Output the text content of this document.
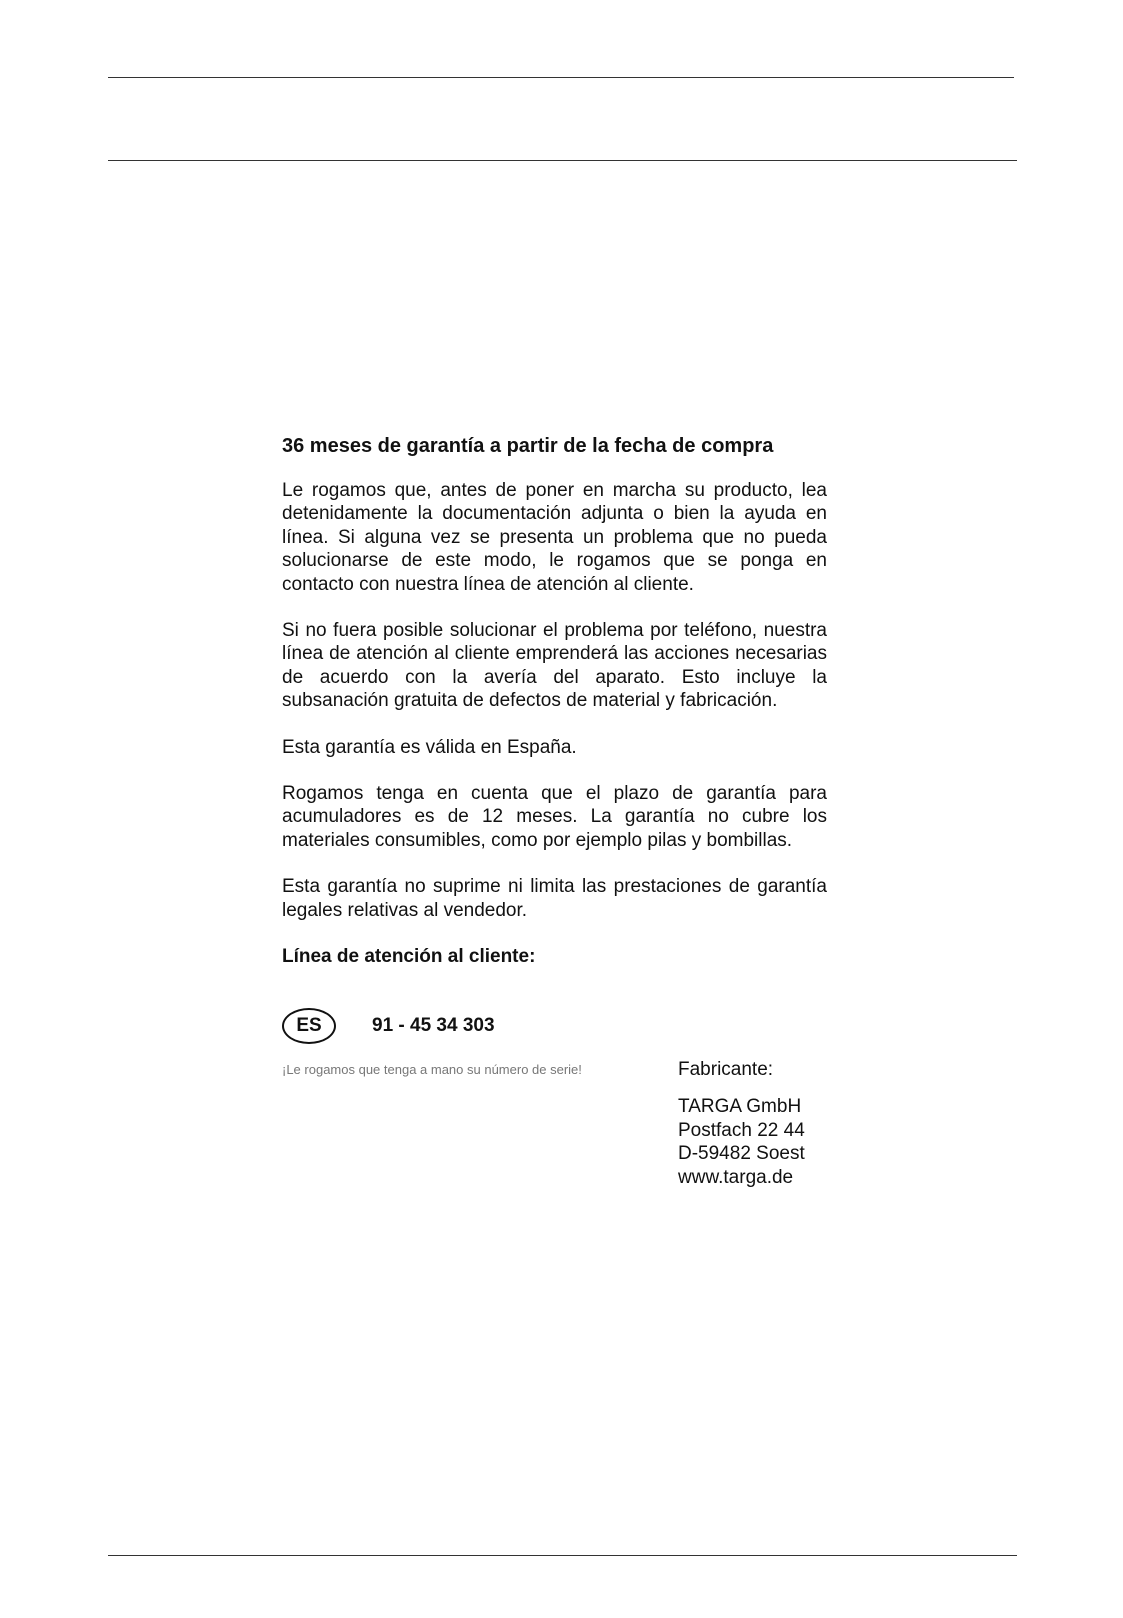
36 meses de garantía a partir de la fecha de compra

Le rogamos que, antes de poner en marcha su producto, lea detenidamente la documentación adjunta o bien la ayuda en línea. Si alguna vez se presenta un problema que no pueda solucionarse de este modo, le rogamos que se ponga en contacto con nuestra línea de atención al cliente.

Si no fuera posible solucionar el problema por teléfono, nuestra línea de atención al cliente emprenderá las acciones necesarias de acuerdo con la avería del aparato. Esto incluye la subsanación gratuita de defectos de material y fabricación.

Esta garantía es válida en España.

Rogamos tenga en cuenta que el plazo de garantía para acumuladores es de 12 meses. La garantía no cubre los materiales consumibles, como por ejemplo pilas y bombillas.

Esta garantía no suprime ni limita las prestaciones de garantía legales relativas al vendedor.

Línea de atención al cliente:

ES	91 - 45 34 303
¡Le rogamos que tenga a mano su número de serie!	Fabricante:
TARGA GmbH
Postfach 22 44
D-59482 Soest
www.targa.de
